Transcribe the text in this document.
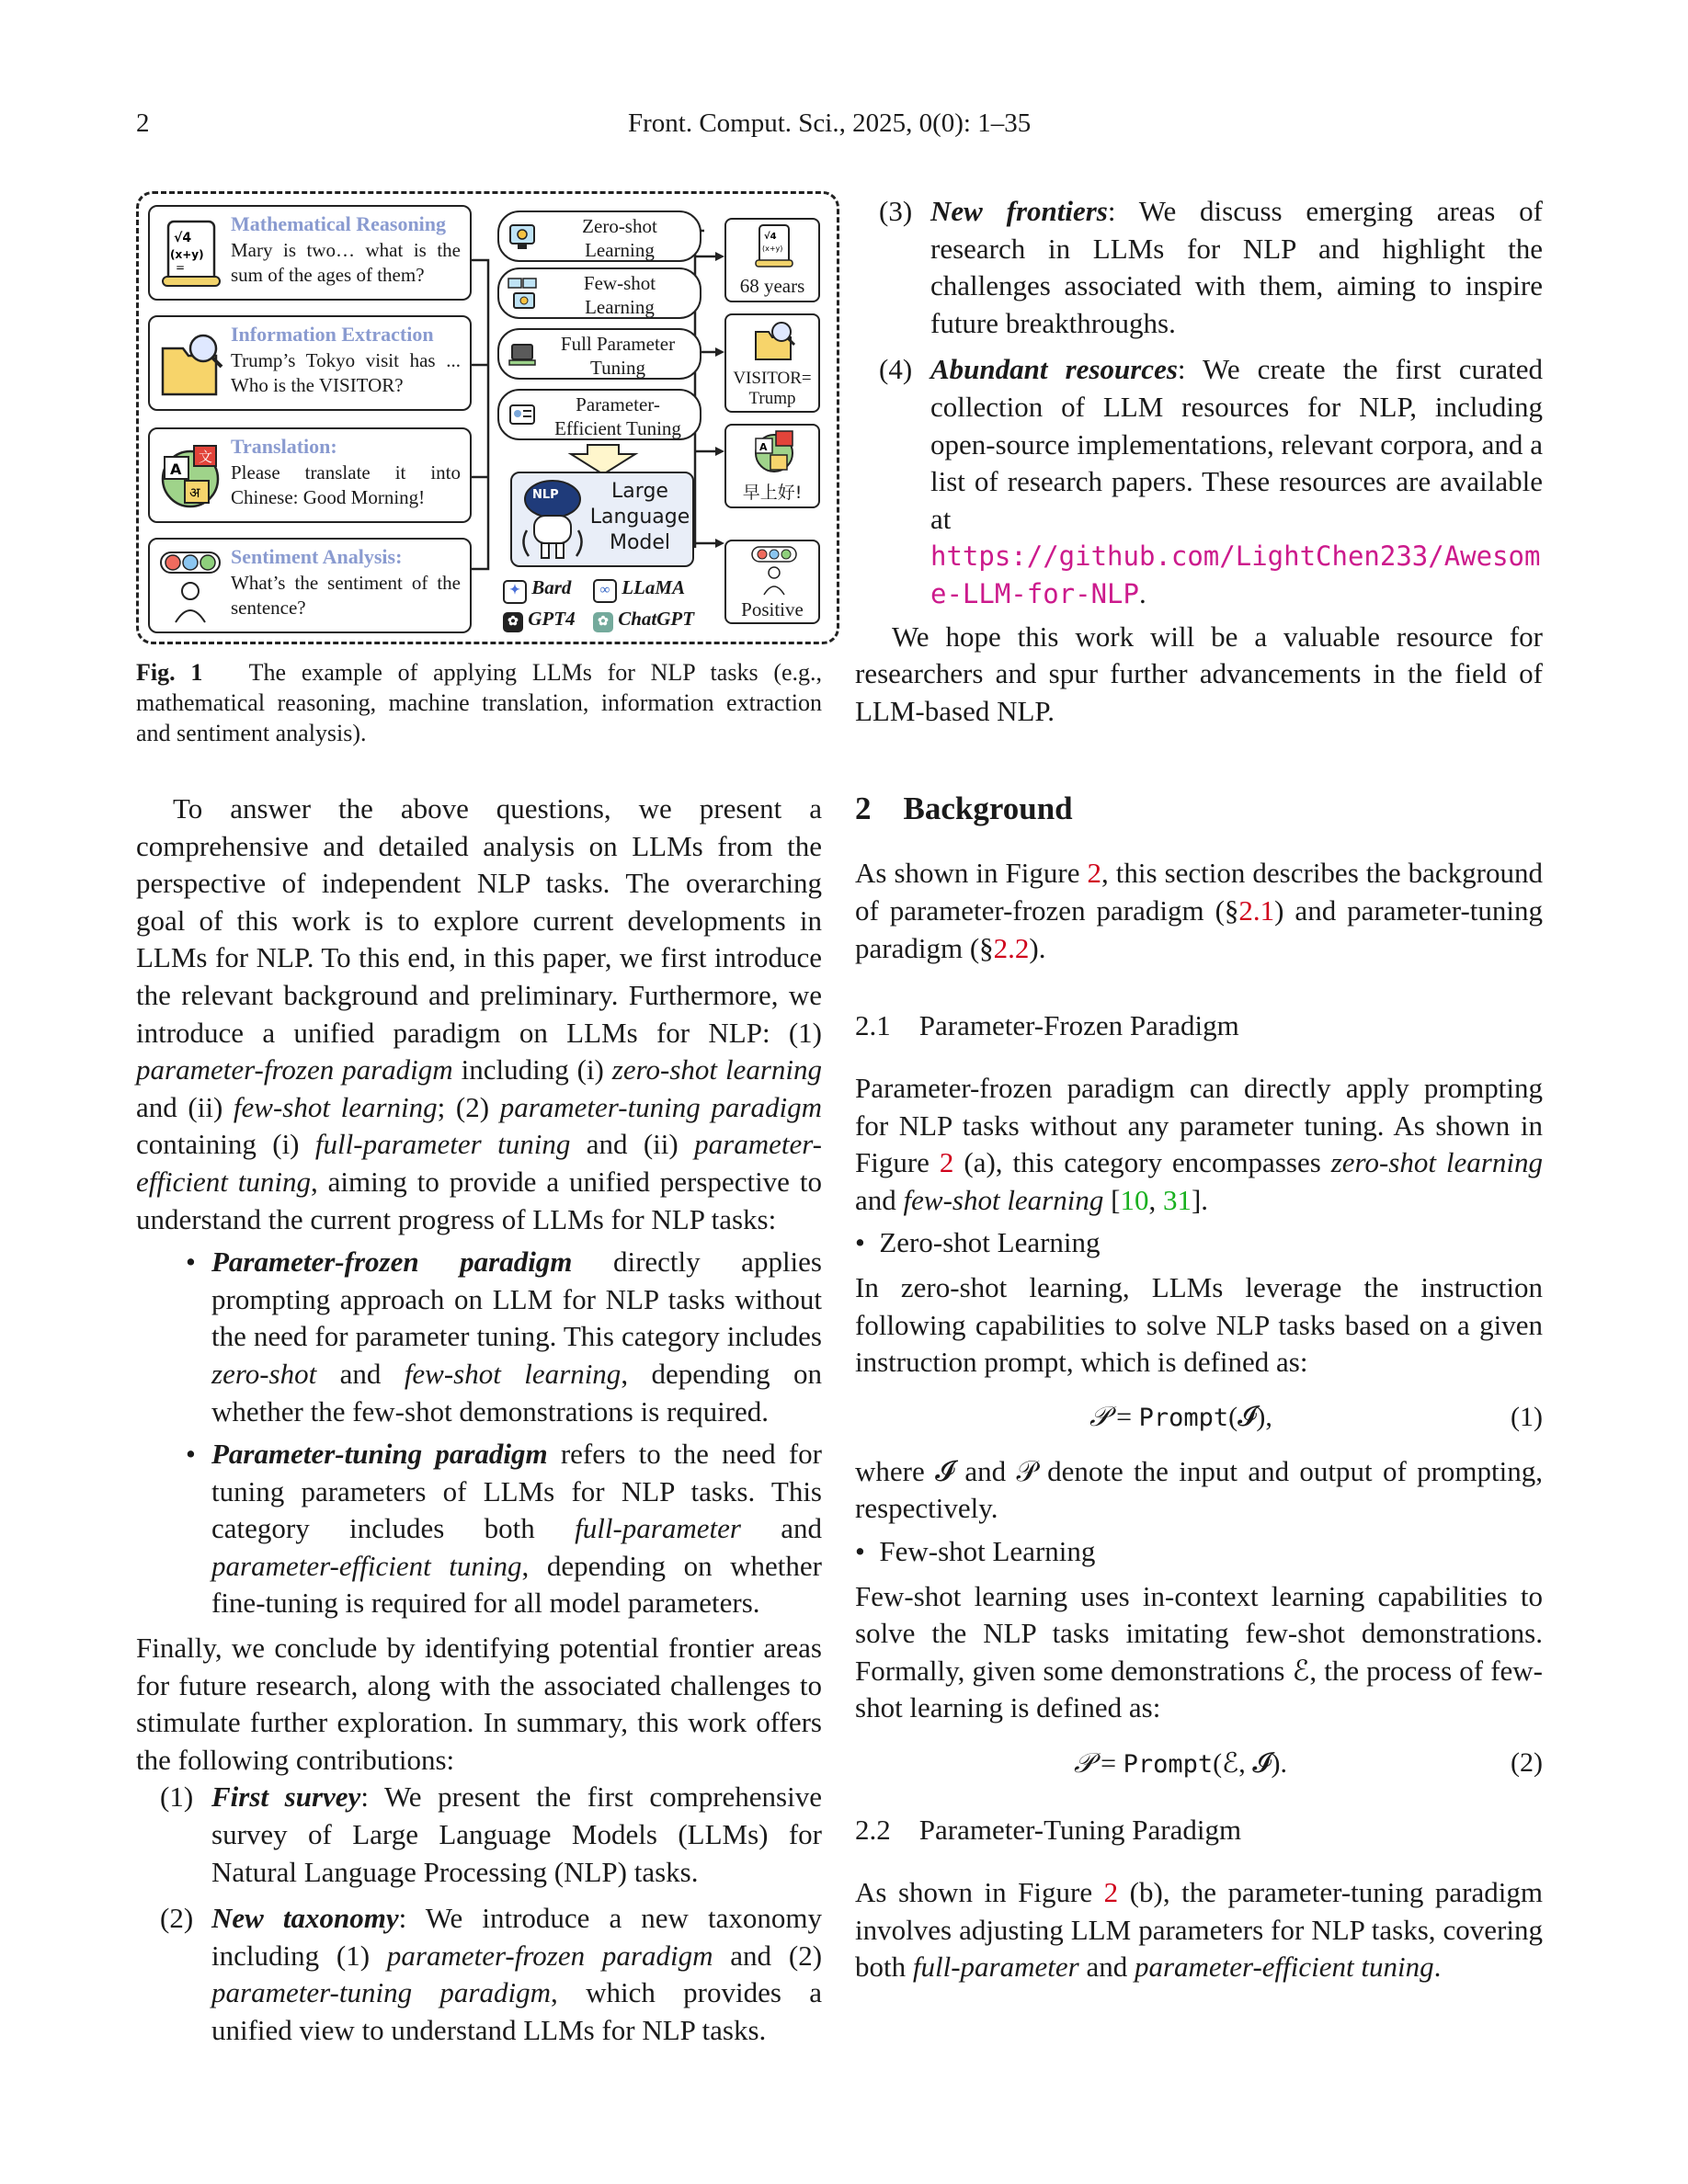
2	Front. Comput. Sci., 2025, 0(0): 1–35
√4
(x+y)
=
Mathematical Reasoning
Mary is two… what is the sum of the ages of them?
Information Extraction
Trump’s Tokyo visit has ... Who is the VISITOR?
A
文
अ
Translation:
Please translate it into Chinese: Good Morning!
Sentiment Analysis:
What’s the sentiment of the sentence?
Zero-shot Learning
Few-shot Learning
Full Parameter Tuning
Parameter-Efficient Tuning
NLP	Large
Language
Model
✦ Bard	∞ LLaMA
✿ GPT4	✿ ChatGPT
√4
(x+y)
68 years
VISITOR=
Trump
A
早上好!
Positive

Fig. 1 The example of applying LLMs for NLP tasks (e.g., mathematical reasoning, machine translation, information extraction and sentiment analysis).

To answer the above questions, we present a comprehensive and detailed analysis on LLMs from the perspective of independent NLP tasks. The overarching goal of this work is to explore current developments in LLMs for NLP. To this end, in this paper, we first introduce the relevant background and preliminary. Furthermore, we introduce a unified paradigm on LLMs for NLP: (1) parameter-frozen paradigm including (i) zero-shot learning and (ii) few-shot learning; (2) parameter-tuning paradigm containing (i) full-parameter tuning and (ii) parameter-efficient tuning, aiming to provide a unified perspective to understand the current progress of LLMs for NLP tasks:

• Parameter-frozen paradigm directly applies prompting approach on LLM for NLP tasks without the need for parameter tuning. This category includes zero-shot and few-shot learning, depending on whether the few-shot demonstrations is required.
• Parameter-tuning paradigm refers to the need for tuning parameters of LLMs for NLP tasks. This category includes both full-parameter and parameter-efficient tuning, depending on whether fine-tuning is required for all model parameters.

Finally, we conclude by identifying potential frontier areas for future research, along with the associated challenges to stimulate further exploration. In summary, this work offers the following contributions:

(1) First survey: We present the first comprehensive survey of Large Language Models (LLMs) for Natural Language Processing (NLP) tasks.
(2) New taxonomy: We introduce a new taxonomy including (1) parameter-frozen paradigm and (2) parameter-tuning paradigm, which provides a unified view to understand LLMs for NLP tasks.
(3) New frontiers: We discuss emerging areas of research in LLMs for NLP and highlight the challenges associated with them, aiming to inspire future breakthroughs.
(4) Abundant resources: We create the first curated collection of LLM resources for NLP, including open-source implementations, relevant corpora, and a list of research papers. These resources are available at https://github.com/LightChen233/Awesom
e-LLM-for-NLP.

We hope this work will be a valuable resource for researchers and spur further advancements in the field of LLM-based NLP.

2 Background

As shown in Figure 2, this section describes the background of parameter-frozen paradigm (§2.1) and parameter-tuning paradigm (§2.2).

2.1 Parameter-Frozen Paradigm

Parameter-frozen paradigm can directly apply prompting for NLP tasks without any parameter tuning. As shown in Figure 2 (a), this category encompasses zero-shot learning and few-shot learning [10, 31].

•  Zero-shot Learning

In zero-shot learning, LLMs leverage the instruction following capabilities to solve NLP tasks based on a given instruction prompt, which is defined as:

𝒫 = Prompt(𝓘),	(1)

where 𝓘 and 𝒫 denote the input and output of prompting, respectively.

•  Few-shot Learning

Few-shot learning uses in-context learning capabilities to solve the NLP tasks imitating few-shot demonstrations. Formally, given some demonstrations ℰ, the process of few-shot learning is defined as:

𝒫 = Prompt(ℰ, 𝓘).	(2)
2.2 Parameter-Tuning Paradigm

As shown in Figure 2 (b), the parameter-tuning paradigm involves adjusting LLM parameters for NLP tasks, covering both full-parameter and parameter-efficient tuning.
